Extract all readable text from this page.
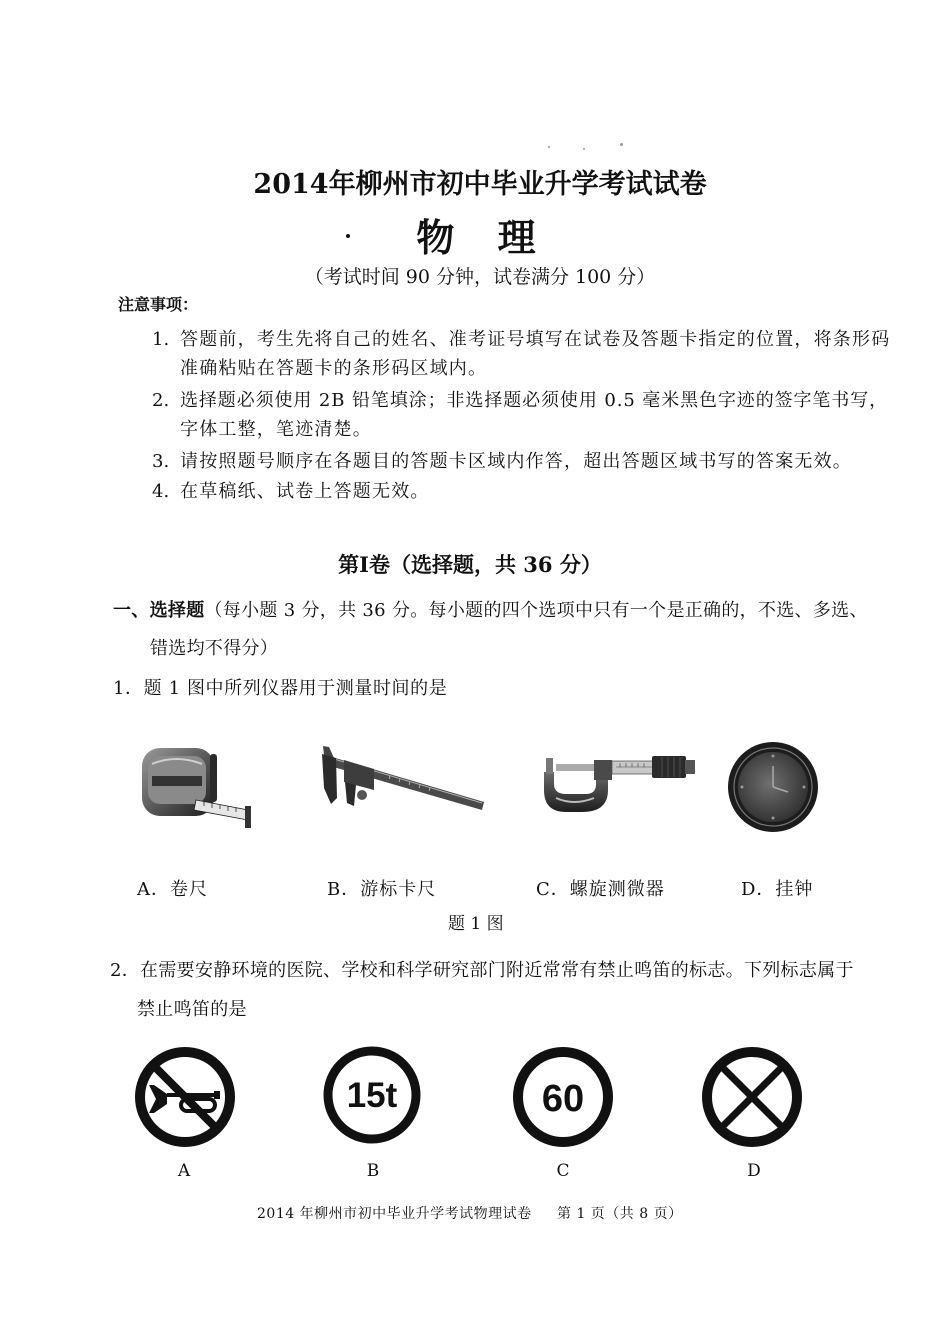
2014年柳州市初中毕业升学考试试卷
物 理
（考试时间 90 分钟，试卷满分 100 分）
注意事项：
1. 答题前，考生先将自己的姓名、准考证号填写在试卷及答题卡指定的位置，将条形码
准确粘贴在答题卡的条形码区域内。
2. 选择题必须使用 2B 铅笔填涂；非选择题必须使用 0.5 毫米黑色字迹的签字笔书写，
字体工整，笔迹清楚。
3. 请按照题号顺序在各题目的答题卡区域内作答，超出答题区域书写的答案无效。
4. 在草稿纸、试卷上答题无效。
第Ⅰ卷（选择题，共 36 分）
一、选择题（每小题 3 分，共 36 分。每小题的四个选项中只有一个是正确的，不选、多选、
错选均不得分）
1．题 1 图中所列仪器用于测量时间的是
A．卷尺	B．游标卡尺	C．螺旋测微器	D．挂钟
题 1 图
2．在需要安静环境的医院、学校和科学研究部门附近常常有禁止鸣笛的标志。下列标志属于
禁止鸣笛的是
15t	60
A	B	C	D
2014 年柳州市初中毕业升学考试物理试卷 第 1 页（共 8 页）
